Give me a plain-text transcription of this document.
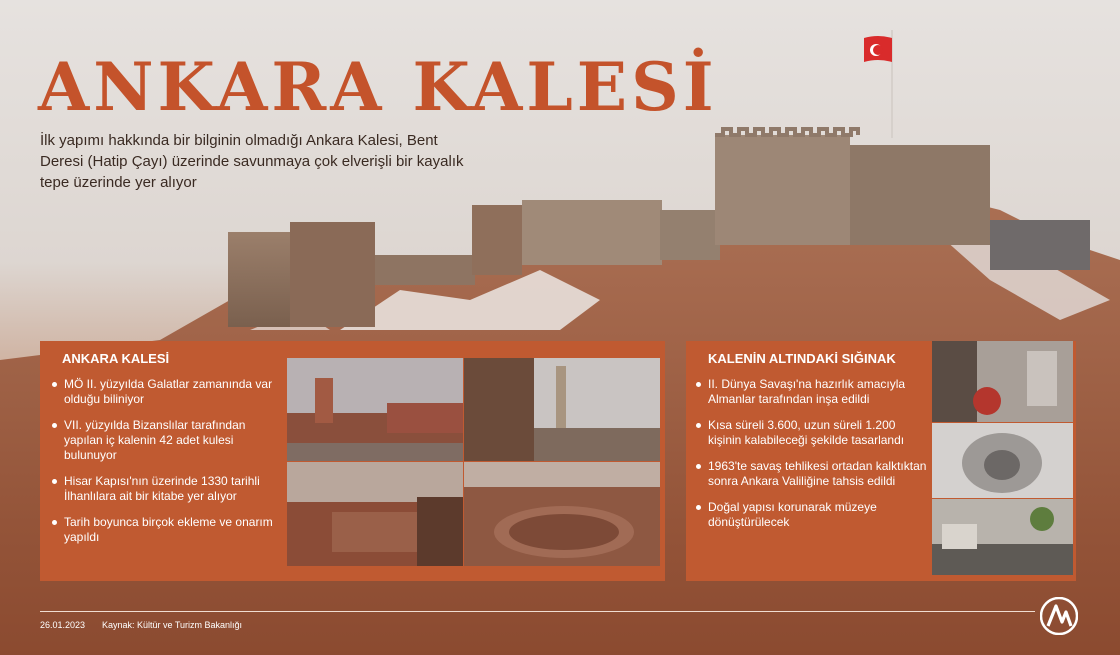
ANKARA KALESİ

İlk yapımı hakkında bir bilginin olmadığı Ankara Kalesi, Bent Deresi (Hatip Çayı) üzerinde savunmaya çok elverişli bir kayalık tepe üzerinde yer alıyor

ANKARA KALESİ
MÖ II. yüzyılda Galatlar zamanında var olduğu biliniyor
VII. yüzyılda Bizanslılar tarafından yapılan iç kalenin 42 adet kulesi bulunuyor
Hisar Kapısı'nın üzerinde 1330 tarihli İlhanlılara ait bir kitabe yer alıyor
Tarih boyunca birçok ekleme ve onarım yapıldı
KALENİN ALTINDAKİ SIĞINAK
II. Dünya Savaşı'na hazırlık amacıyla Almanlar tarafından inşa edildi
Kısa süreli 3.600, uzun süreli 1.200 kişinin kalabileceği şekilde tasarlandı
1963'te savaş tehlikesi ortadan kalktıktan sonra Ankara Valiliğine tahsis edildi
Doğal yapısı korunarak müzeye dönüştürülecek
26.01.2023 Kaynak: Kültür ve Turizm Bakanlığı
